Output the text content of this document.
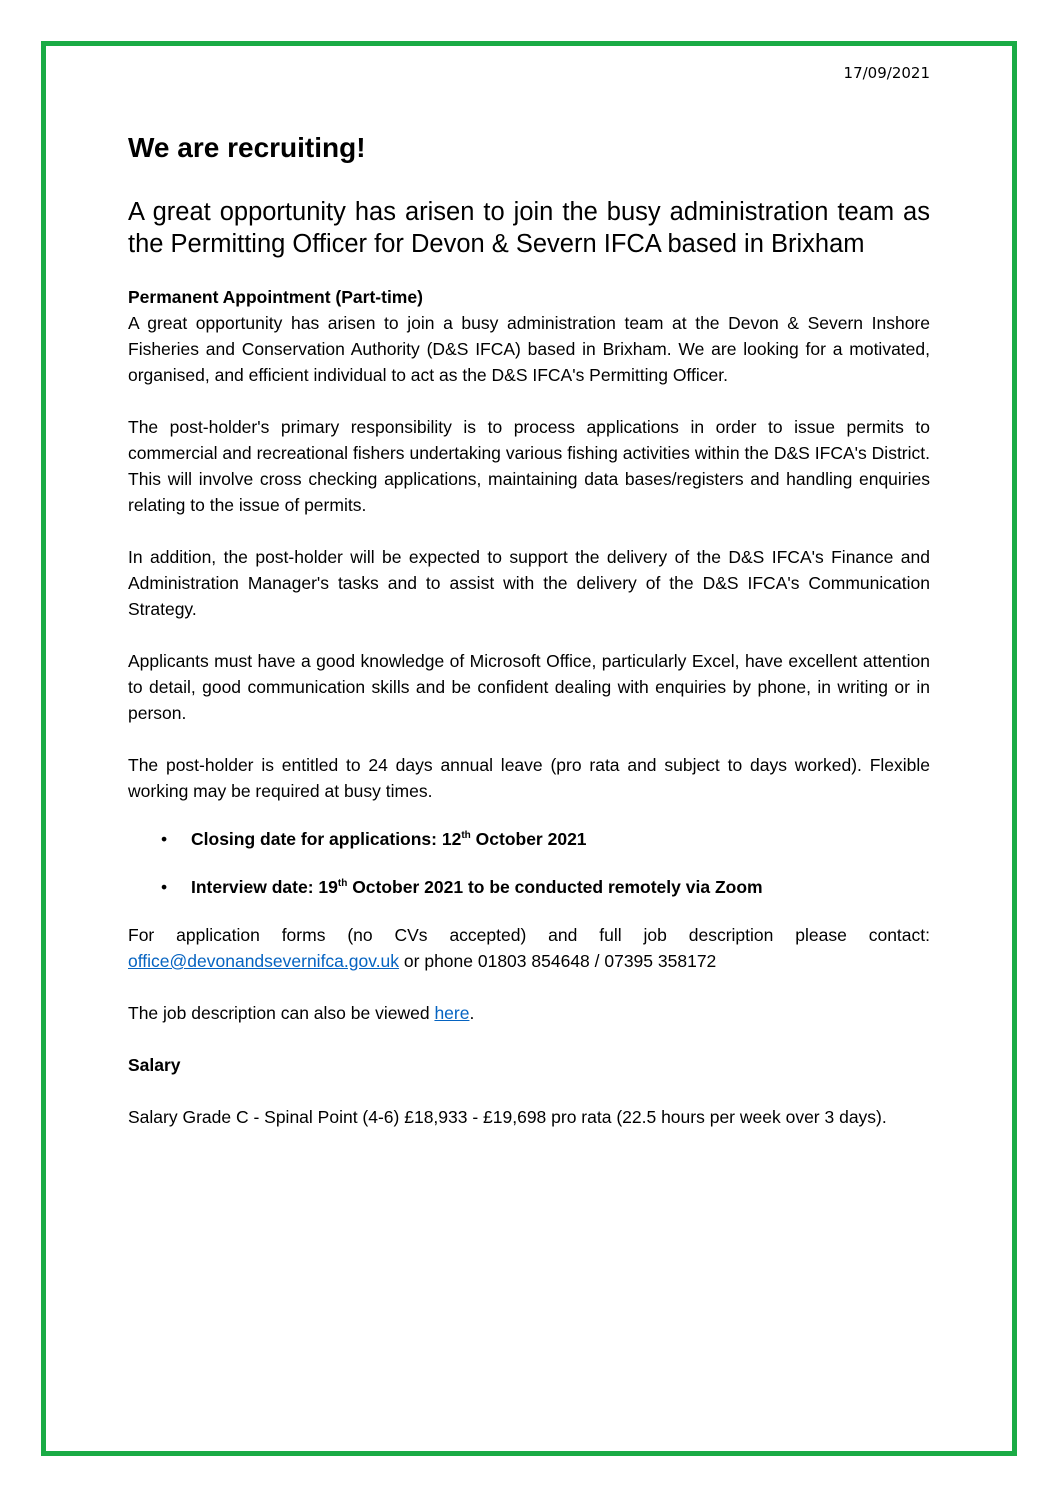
17/09/2021
We are recruiting!

A great opportunity has arisen to join the busy administration team as the Permitting Officer for Devon & Severn IFCA based in Brixham

Permanent Appointment (Part-time)

A great opportunity has arisen to join a busy administration team at the Devon & Severn Inshore Fisheries and Conservation Authority (D&S IFCA) based in Brixham. We are looking for a motivated, organised, and efficient individual to act as the D&S IFCA's Permitting Officer.

The post-holder's primary responsibility is to process applications in order to issue permits to commercial and recreational fishers undertaking various fishing activities within the D&S IFCA's District. This will involve cross checking applications, maintaining data bases/registers and handling enquiries relating to the issue of permits.

In addition, the post-holder will be expected to support the delivery of the D&S IFCA's Finance and Administration Manager's tasks and to assist with the delivery of the D&S IFCA's Communication Strategy.

Applicants must have a good knowledge of Microsoft Office, particularly Excel, have excellent attention to detail, good communication skills and be confident dealing with enquiries by phone, in writing or in person.

The post-holder is entitled to 24 days annual leave (pro rata and subject to days worked). Flexible working may be required at busy times.

• Closing date for applications: 12th October 2021
• Interview date: 19th October 2021 to be conducted remotely via Zoom

For application forms (no CVs accepted) and full job description please contact: office@devonandsevernifca.gov.uk or phone 01803 854648 / 07395 358172

The job description can also be viewed here.

Salary

Salary Grade C - Spinal Point (4-6) £18,933 - £19,698 pro rata (22.5 hours per week over 3 days).
